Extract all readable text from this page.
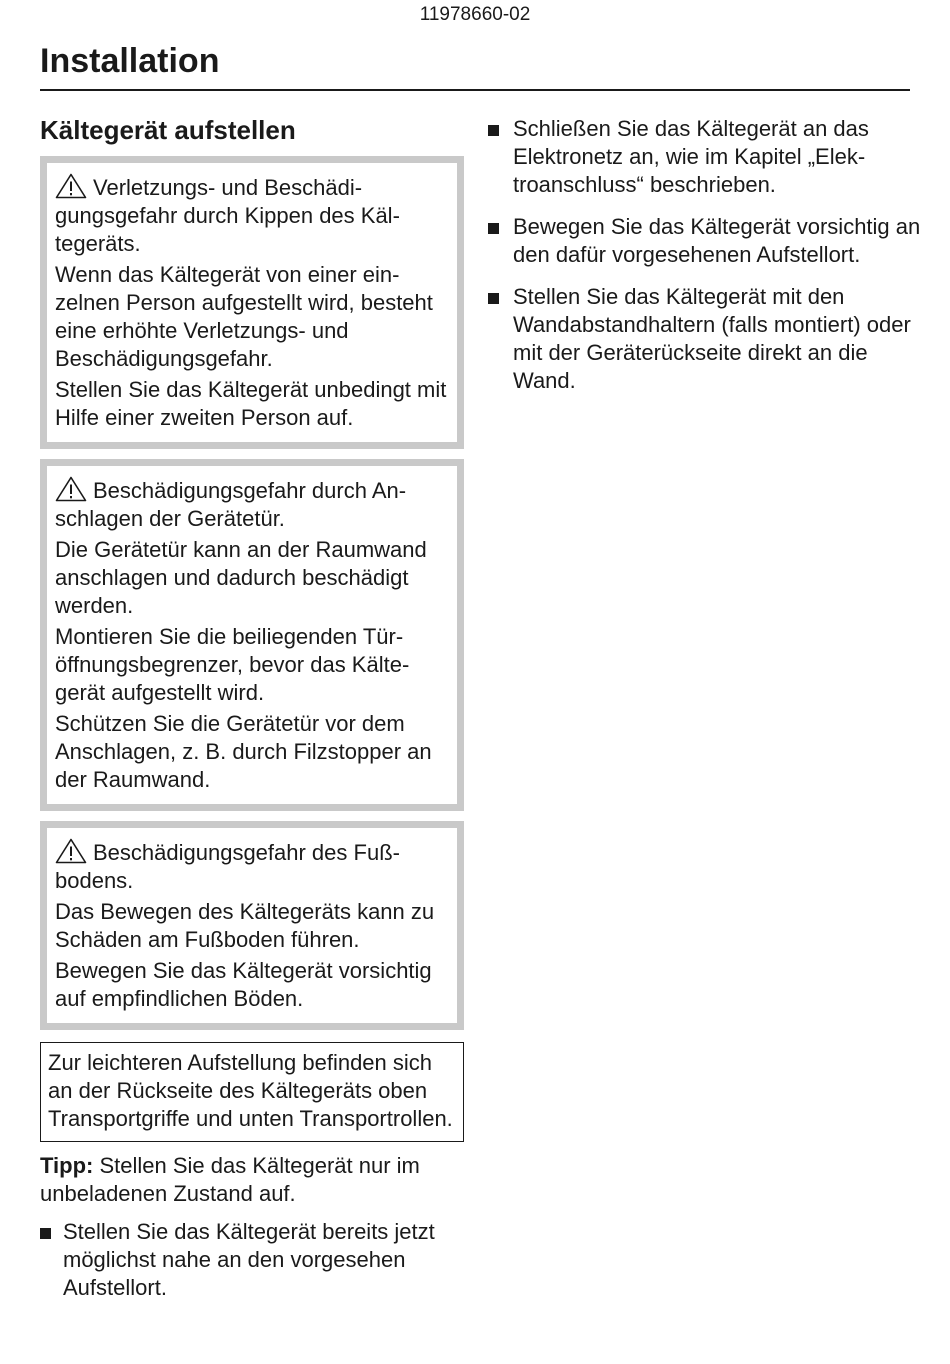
11978660-02
Installation
Kältegerät aufstellen

Verletzungs- und Beschädigungsgefahr durch Kippen des Kältegeräts.

Wenn das Kältegerät von einer einzelnen Person aufgestellt wird, besteht eine erhöhte Verletzungs- und Beschädigungsgefahr.

Stellen Sie das Kältegerät unbedingt mit Hilfe einer zweiten Person auf.

Beschädigungsgefahr durch Anschlagen der Gerätetür.

Die Gerätetür kann an der Raumwand anschlagen und dadurch beschädigt werden.

Montieren Sie die beiliegenden Türöffnungsbegrenzer, bevor das Kältegerät aufgestellt wird.

Schützen Sie die Gerätetür vor dem Anschlagen, z. B. durch Filzstopper an der Raumwand.

Beschädigungsgefahr des Fußbodens.

Das Bewegen des Kältegeräts kann zu Schäden am Fußboden führen.

Bewegen Sie das Kältegerät vorsichtig auf empfindlichen Böden.

Zur leichteren Aufstellung befinden sich an der Rückseite des Kältegeräts oben Transportgriffe und unten Transportrollen.

Tipp: Stellen Sie das Kältegerät nur im unbeladenen Zustand auf.

Stellen Sie das Kältegerät bereits jetzt möglichst nahe an den vorgesehen Aufstellort.
Schließen Sie das Kältegerät an das Elektronetz an, wie im Kapitel „Elektroanschluss“ beschrieben.
Bewegen Sie das Kältegerät vorsichtig an den dafür vorgesehenen Aufstellort.
Stellen Sie das Kältegerät mit den Wandabstandhaltern (falls montiert) oder mit der Geräterückseite direkt an die Wand.
